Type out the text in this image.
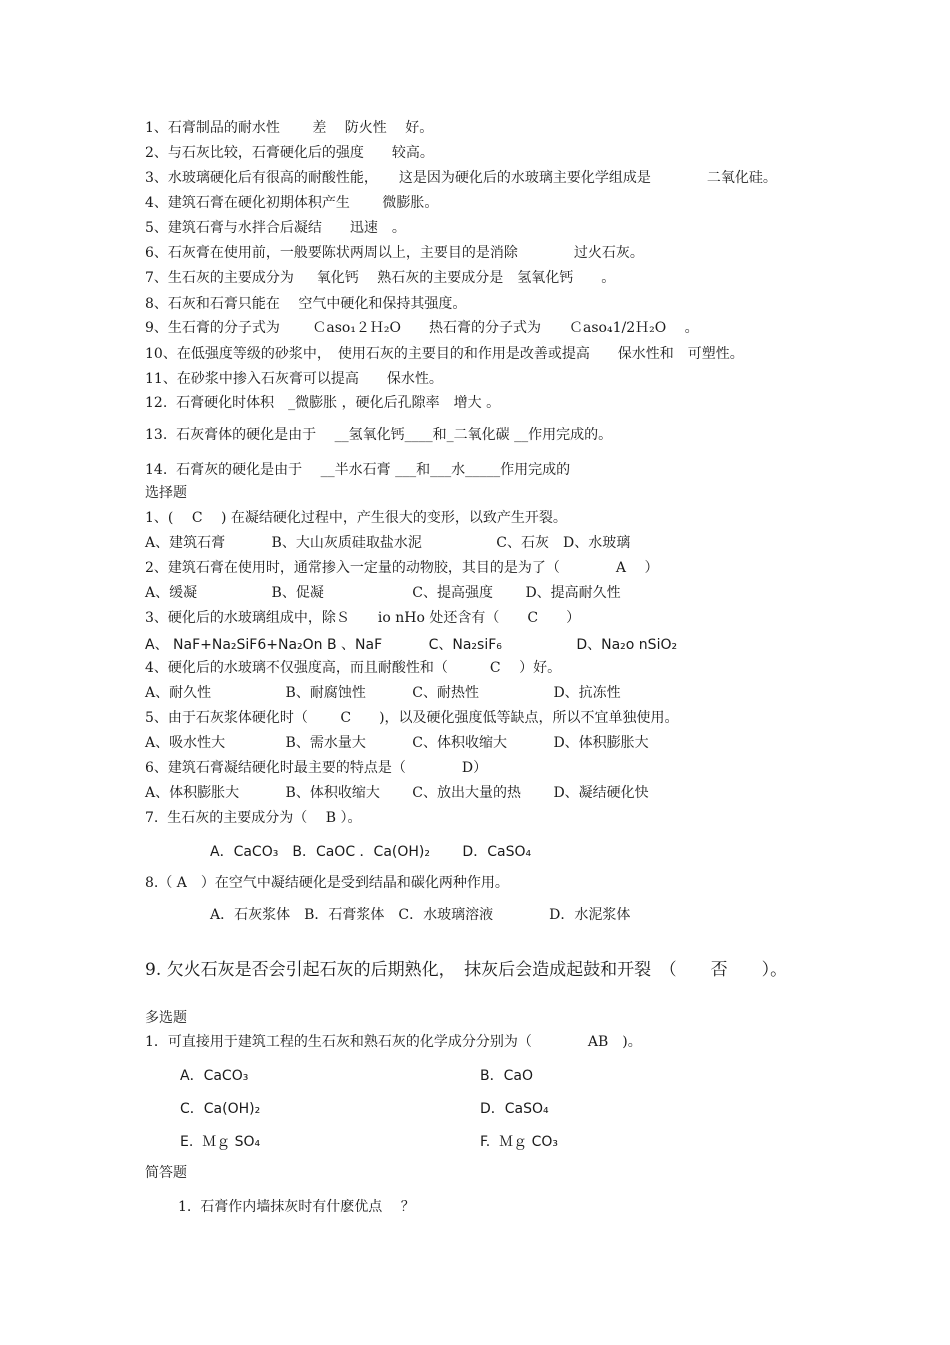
1、石膏制品的耐水性　 　差　 防火性 　好。
2、与石灰比较，石膏硬化后的强度　　较高。
3、水玻璃硬化后有很高的耐酸性能，　　这是因为硬化后的水玻璃主要化学组成是　　　　二氧化硅。
4、建筑石膏在硬化初期体积产生　　 微膨胀。
5、建筑石膏与水拌合后凝结　　迅速　。
6、石灰膏在使用前，一般要陈状两周以上，主要目的是消除　　　　过火石灰。
7、生石灰的主要成分为 　 氧化钙 　熟石灰的主要成分是　氢氧化钙　　。
8、石灰和石膏只能在　 空气中硬化和保持其强度。
9、生石膏的分子式为　　 Ｃaso₁２Ｈ₂O　　热石膏的分子式为　　Ｃaso₄1/2Ｈ₂O　 。
10、在低强度等级的砂浆中，　使用石灰的主要目的和作用是改善或提高　　保水性和　可塑性。
11、在砂浆中掺入石灰膏可以提高　　保水性。
12.  石膏硬化时体积　_微膨胀 ，硬化后孔隙率　增大 。
13.  石灰膏体的硬化是由于 　__氢氧化钙____和_二氧化碳 __作用完成的。
14.  石膏灰的硬化是由于 　__半水石膏 ___和___水_____作用完成的
选择题
1、(　 C　 ) 在凝结硬化过程中，产生很大的变形，以致产生开裂。
A、建筑石膏　　　 B、大山灰质硅取盐水泥　　　　　 C、石灰　D、水玻璃
2、建筑石膏在使用时，通常掺入一定量的动物胶，其目的是为了（　　　　A　 ）
A、缓凝　　　　　 B、促凝　　　　　　 C、提高强度　　 D、提高耐久性
3、硬化后的水玻璃组成中，除Ｓ　　io nHo 处还含有（　　C　　）
A、 NaF+Na₂SiF6+Na₂On B 、NaF　　　 C、Na₂siF₆　　　　　 D、Na₂o nSiO₂
4、硬化后的水玻璃不仅强度高，而且耐酸性和（　　　C　 ）好。
A、耐久性　　　　　 B、耐腐蚀性　　　 C、耐热性　　　　　 D、抗冻性
5、由于石灰浆体硬化时（　　 C　　)，以及硬化强度低等缺点，所以不宜单独使用。
A、吸水性大　　　　 B、需水量大　　　 C、体积收缩大　　　 D、体积膨胀大
6、建筑石膏凝结硬化时最主要的特点是（　　　　D）
A、体积膨胀大　　　 B、体积收缩大　　 C、放出大量的热　　 D、凝结硬化快
7.  生石灰的主要成分为（　 B ）。
A．CaCO₃　B．CaOC ．Ca(OH)₂　　 D．CaSO₄
8.（ A　）在空气中凝结硬化是受到结晶和碳化两种作用。
A．石灰浆体　B．石膏浆体　C．水玻璃溶液　　　　D．水泥浆体
9. 欠火石灰是否会引起石灰的后期熟化，　抹灰后会造成起鼓和开裂　（　　否　　）。
多选题
1．可直接用于建筑工程的生石灰和熟石灰的化学成分分别为（　　　　AB　)。
A．CaCO₃	B．CaO
C．Ca(OH)₂	D．CaSO₄
E.  Ｍｇ SO₄	F.  Ｍｇ CO₃
简答题
1.  石膏作内墙抹灰时有什麽优点　 ？
